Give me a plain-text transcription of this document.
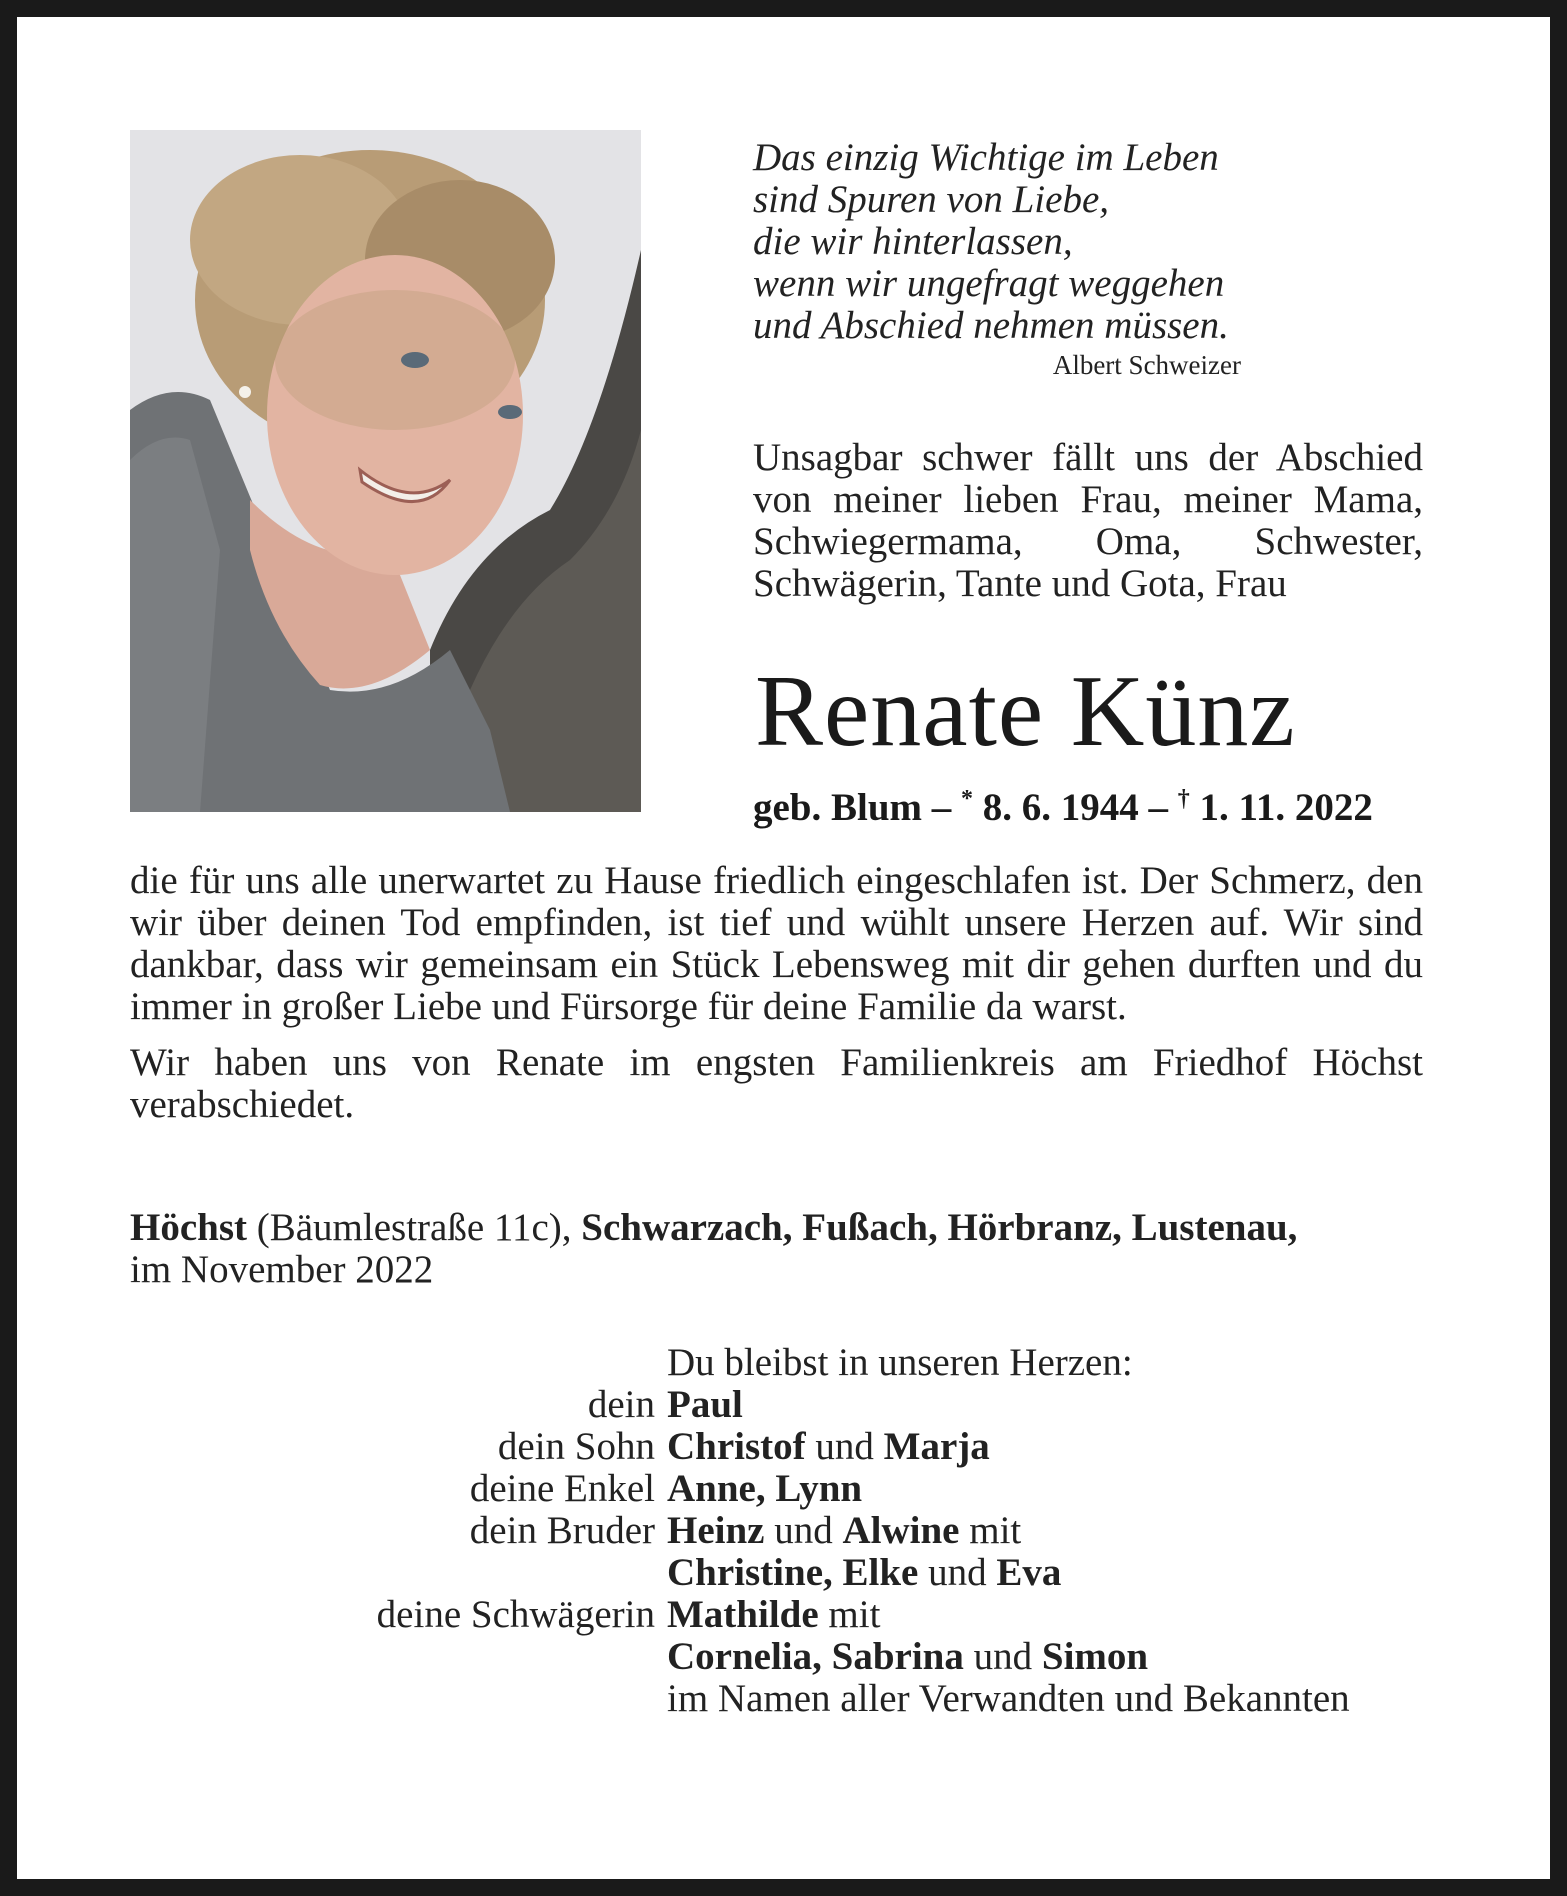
Das einzig Wichtige im Leben
sind Spuren von Liebe,
die wir hinterlassen,
wenn wir ungefragt weggehen
und Abschied nehmen müssen.
Albert Schweizer
Unsagbar schwer fällt uns der Abschied von meiner lieben Frau, meiner Mama, Schwiegermama, Oma, Schwester, Schwägerin, Tante und Gota, Frau
Renate Künz
geb. Blum – * 8. 6. 1944 – † 1. 11. 2022

die für uns alle unerwartet zu Hause friedlich eingeschlafen ist. Der Schmerz, den wir über deinen Tod empfinden, ist tief und wühlt unsere Herzen auf. Wir sind dankbar, dass wir gemeinsam ein Stück Lebensweg mit dir gehen durften und du immer in großer Liebe und Fürsorge für deine Familie da warst.

Wir haben uns von Renate im engsten Familienkreis am Friedhof Höchst verabschiedet.

Höchst (Bäumlestraße 11c), Schwarzach, Fußach, Hörbranz, Lustenau,
im November 2022
Du bleibst in unseren Herzen:
dein Paul
dein Sohn Christof und Marja
deine Enkel Anne, Lynn
dein Bruder Heinz und Alwine mit
Christine, Elke und Eva
deine Schwägerin Mathilde mit
Cornelia, Sabrina und Simon
im Namen aller Verwandten und Bekannten
